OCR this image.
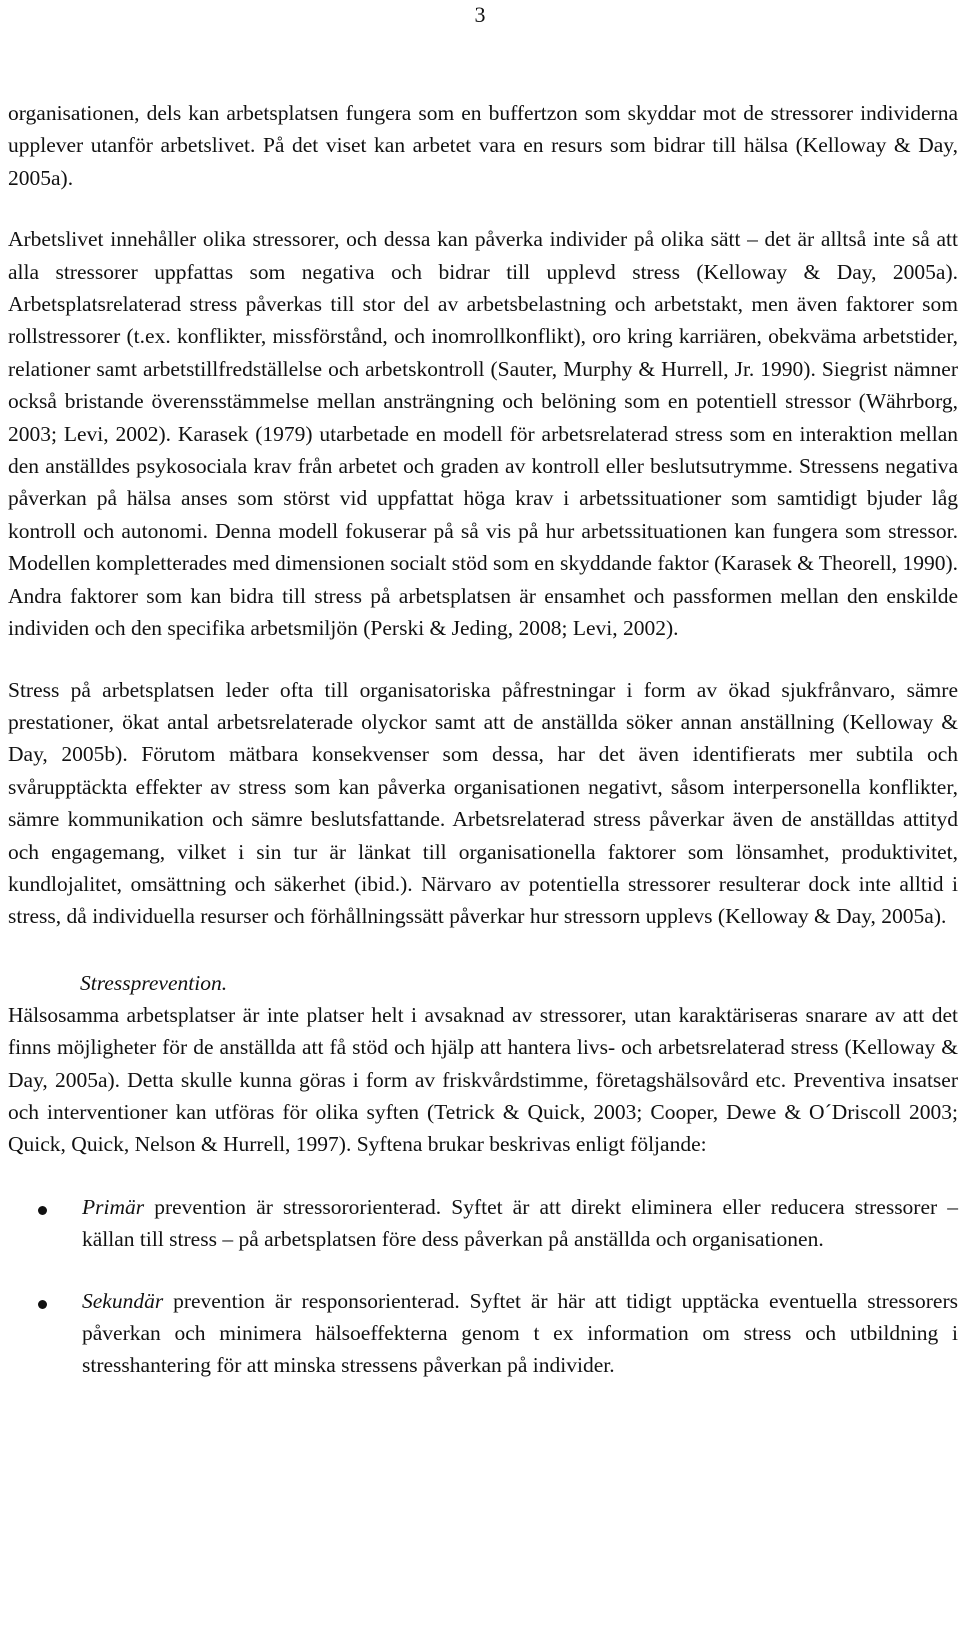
3

organisationen, dels kan arbetsplatsen fungera som en buffertzon som skyddar mot de stressorer individerna upplever utanför arbetslivet. På det viset kan arbetet vara en resurs som bidrar till hälsa (Kelloway & Day, 2005a).

Arbetslivet innehåller olika stressorer, och dessa kan påverka individer på olika sätt – det är alltså inte så att alla stressorer uppfattas som negativa och bidrar till upplevd stress (Kelloway & Day, 2005a). Arbetsplatsrelaterad stress påverkas till stor del av arbetsbelastning och arbetstakt, men även faktorer som rollstressorer (t.ex. konflikter, missförstånd, och inomrollkonflikt), oro kring karriären, obekväma arbetstider, relationer samt arbetstillfredställelse och arbetskontroll (Sauter, Murphy & Hurrell, Jr. 1990). Siegrist nämner också bristande överensstämmelse mellan ansträngning och belöning som en potentiell stressor (Währborg, 2003; Levi, 2002). Karasek (1979) utarbetade en modell för arbetsrelaterad stress som en interaktion mellan den anställdes psykosociala krav från arbetet och graden av kontroll eller beslutsutrymme. Stressens negativa påverkan på hälsa anses som störst vid uppfattat höga krav i arbetssituationer som samtidigt bjuder låg kontroll och autonomi. Denna modell fokuserar på så vis på hur arbetssituationen kan fungera som stressor. Modellen kompletterades med dimensionen socialt stöd som en skyddande faktor (Karasek & Theorell, 1990). Andra faktorer som kan bidra till stress på arbetsplatsen är ensamhet och passformen mellan den enskilde individen och den specifika arbetsmiljön (Perski & Jeding, 2008; Levi, 2002).

Stress på arbetsplatsen leder ofta till organisatoriska påfrestningar i form av ökad sjukfrånvaro, sämre prestationer, ökat antal arbetsrelaterade olyckor samt att de anställda söker annan anställning (Kelloway & Day, 2005b). Förutom mätbara konsekvenser som dessa, har det även identifierats mer subtila och svårupptäckta effekter av stress som kan påverka organisationen negativt, såsom interpersonella konflikter, sämre kommunikation och sämre beslutsfattande. Arbetsrelaterad stress påverkar även de anställdas attityd och engagemang, vilket i sin tur är länkat till organisationella faktorer som lönsamhet, produktivitet, kundlojalitet, omsättning och säkerhet (ibid.). Närvaro av potentiella stressorer resulterar dock inte alltid i stress, då individuella resurser och förhållningssätt påverkar hur stressorn upplevs (Kelloway & Day, 2005a).

Stressprevention.

Hälsosamma arbetsplatser är inte platser helt i avsaknad av stressorer, utan karaktäriseras snarare av att det finns möjligheter för de anställda att få stöd och hjälp att hantera livs- och arbetsrelaterad stress (Kelloway & Day, 2005a). Detta skulle kunna göras i form av friskvårdstimme, företagshälsovård etc. Preventiva insatser och interventioner kan utföras för olika syften (Tetrick & Quick, 2003; Cooper, Dewe & O´Driscoll 2003; Quick, Quick, Nelson & Hurrell, 1997). Syftena brukar beskrivas enligt följande:

Primär prevention är stressororienterad. Syftet är att direkt eliminera eller reducera stressorer – källan till stress – på arbetsplatsen före dess påverkan på anställda och organisationen.
Sekundär prevention är responsorienterad. Syftet är här att tidigt upptäcka eventuella stressorers påverkan och minimera hälsoeffekterna genom t ex information om stress och utbildning i stresshantering för att minska stressens påverkan på individer.
